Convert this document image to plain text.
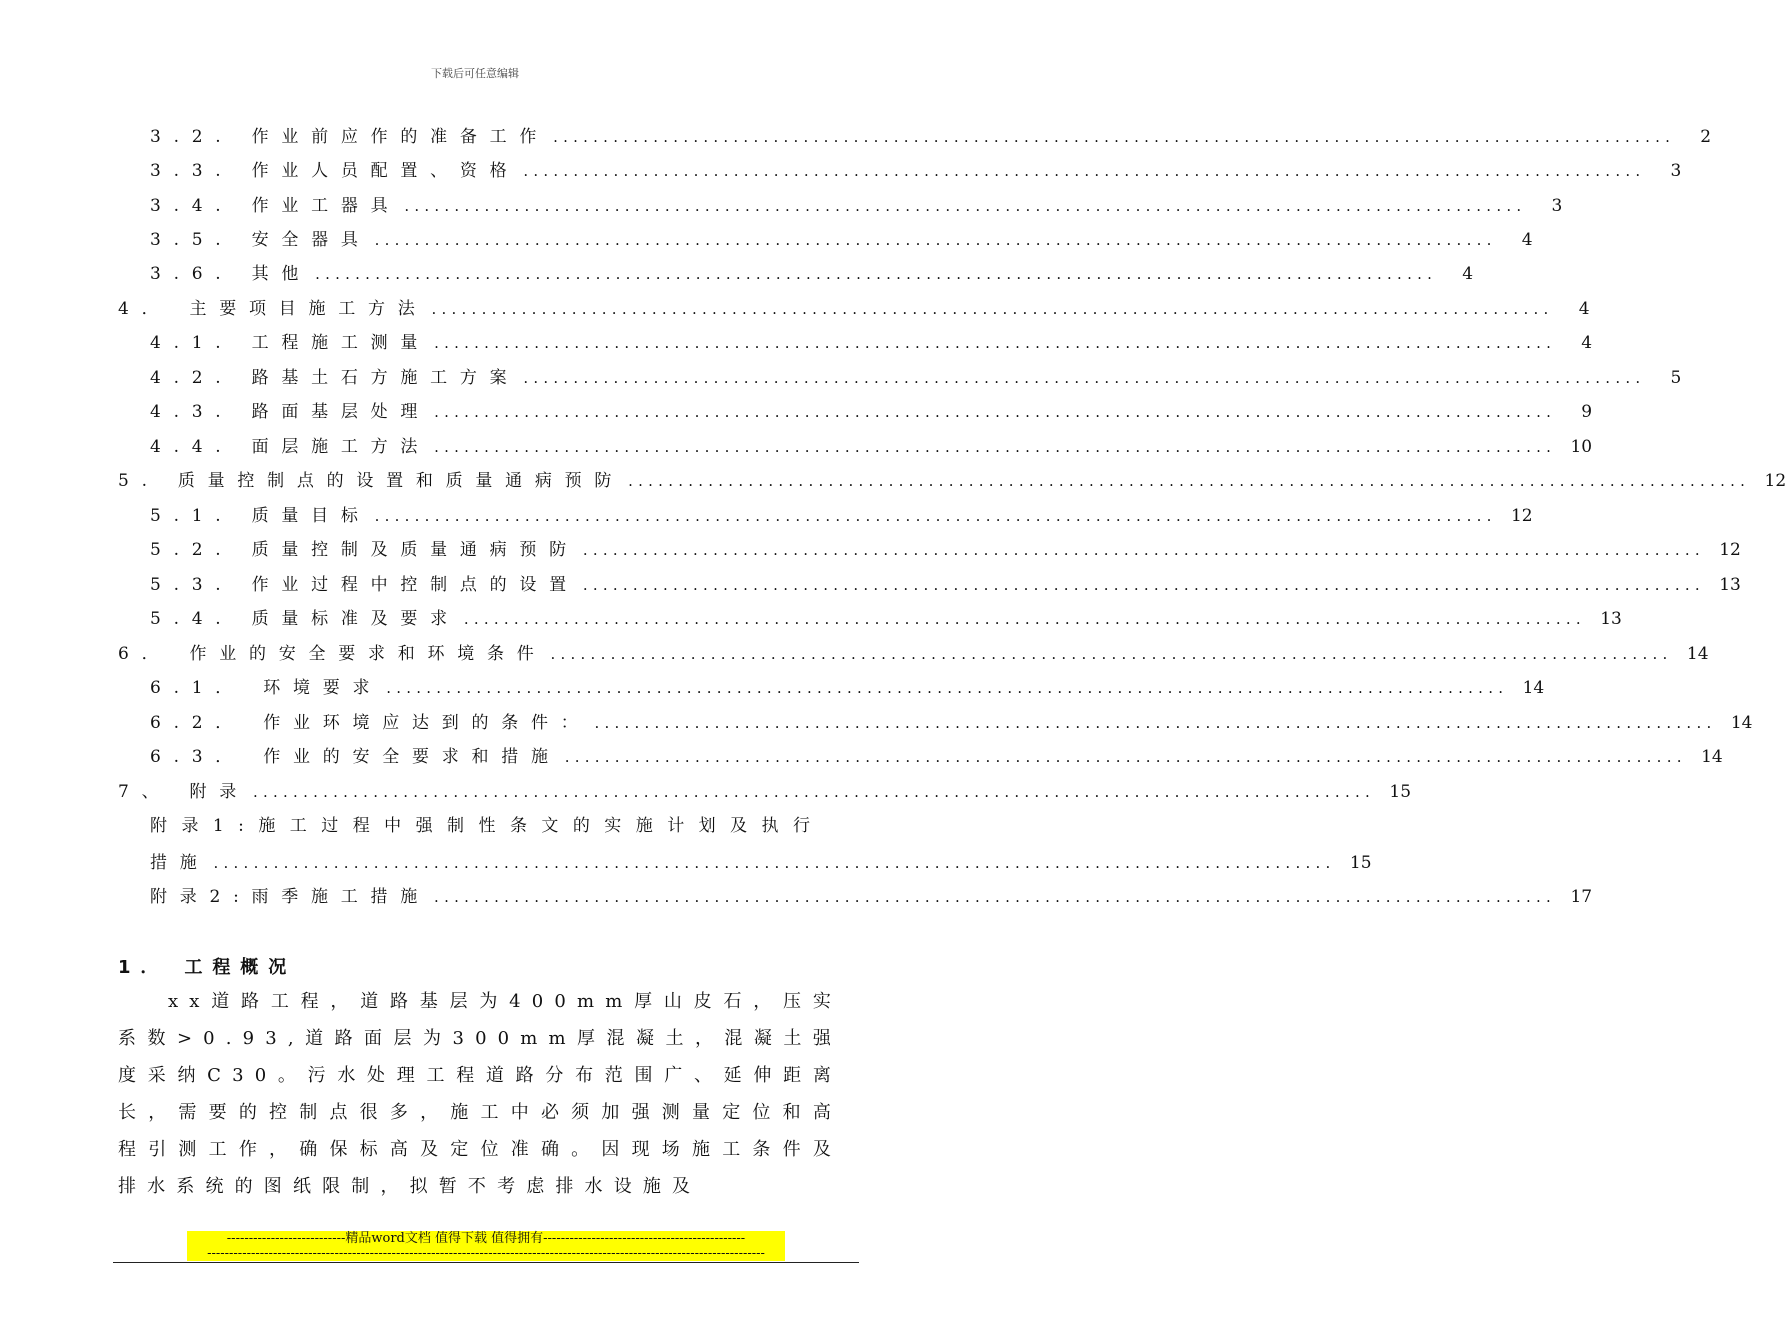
下载后可任意编辑
3.2. 作业前应作的准备工作 ................................................................................................................	2
3.3. 作业人员配置、资格 ................................................................................................................	3
3.4. 作业工器具 ................................................................................................................	3
3.5. 安全器具 ................................................................................................................	4
3.6. 其他 ................................................................................................................	4
4． 主要项目施工方法 ................................................................................................................	4
4.1. 工程施工测量 ................................................................................................................	4
4.2. 路基土石方施工方案 ................................................................................................................	5
4.3. 路面基层处理 ................................................................................................................	9
4.4. 面层施工方法 ................................................................................................................ 10
5. 质量控制点的设置和质量通病预防 ................................................................................................................ 12
5.1. 质量目标 ................................................................................................................ 12
5.2. 质量控制及质量通病预防 ................................................................................................................ 12
5.3. 作业过程中控制点的设置 ................................................................................................................ 13
5.4. 质量标准及要求 ................................................................................................................ 13
6． 作业的安全要求和环境条件 ................................................................................................................ 14
6.1． 环境要求 ................................................................................................................ 14
6.2． 作业环境应达到的条件： ................................................................................................................ 14
6.3． 作业的安全要求和措施 ................................................................................................................ 14
7、 附录 ................................................................................................................ 15
附录1:施工过程中强制性条文的实施计划及执行
措施 ................................................................................................................ 15
附录2:雨季施工措施 ................................................................................................................ 17
1． 工程概况
xx道路工程，道路基层为400mm厚山皮石，压实系数>0.93,道路面层为300mm厚混凝土，混凝土强度采纳C30。污水处理工程道路分布范围广、延伸距离长，需要的控制点很多，施工中必须加强测量定位和高程引测工作，确保标高及定位准确。因现场施工条件及排水系统的图纸限制，拟暂不考虑排水设施及
---------------------------精品word文档 值得下载 值得拥有----------------------------------------------
-------------------------------------------------------------------------------------------------------------------------------
